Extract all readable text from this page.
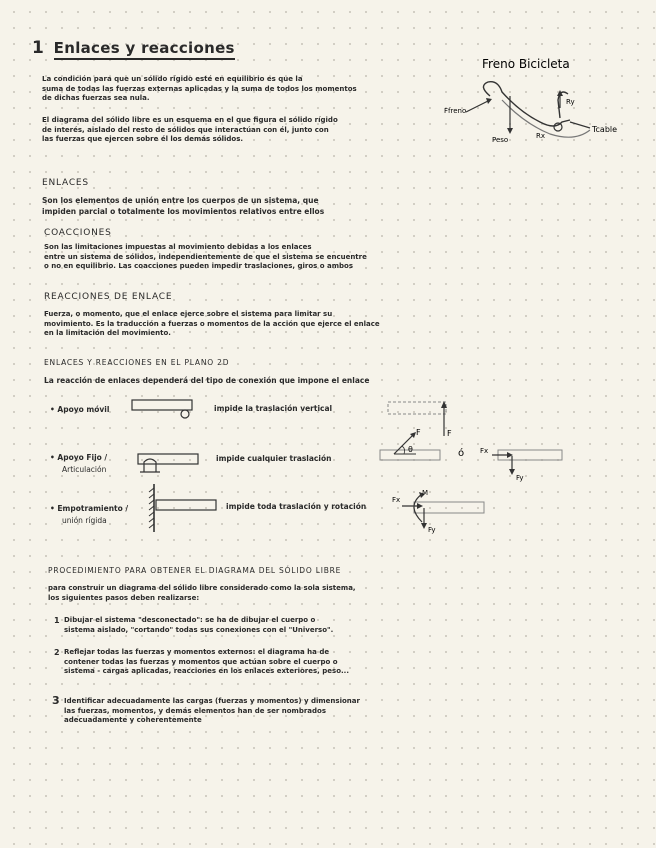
1 Enlaces y reacciones
La condición para que un sólido rígido esté en equilibrio es que la
suma de todas las fuerzas externas aplicadas y la suma de todos los momentos
de dichas fuerzas sea nula.
El diagrama del sólido libre es un esquema en el que figura el sólido rígido
de interés, aislado del resto de sólidos que interactúan con él, junto con
las fuerzas que ejercen sobre él los demás sólidos.
Freno Bicicleta
Ffreno
Peso
Ry
Rx
Tcable
ENLACES
Son los elementos de unión entre los cuerpos de un sistema, que
impiden parcial o totalmente los movimientos relativos entre ellos
COACCIONES
Son las limitaciones impuestas al movimiento debidas a los enlaces
entre un sistema de sólidos, independientemente de que el sistema se encuentre
o no en equilibrio. Las coacciones pueden impedir traslaciones, giros o ambos
REACCIONES DE ENLACE
Fuerza, o momento, que el enlace ejerce sobre el sistema para limitar su
movimiento. Es la traducción a fuerzas o momentos de la acción que ejerce el enlace
en la limitación del movimiento.
ENLACES Y REACCIONES EN EL PLANO 2D
La reacción de enlaces dependerá del tipo de conexión que impone el enlace
• Apoyo móvil	impide la traslación vertical
F
• Apoyo Fijo /
Articulación
impide cualquier traslación
θ
F
ó Fx
Fy
• Empotramiento /
unión rígida
impide toda traslación y rotación
Fx
M
Fy
PROCEDIMIENTO PARA OBTENER EL DIAGRAMA DEL SÓLIDO LIBRE
para construir un diagrama del sólido libre considerado como la sola sistema,
los siguientes pasos deben realizarse:
1 Dibujar el sistema "desconectado": se ha de dibujar el cuerpo o
sistema aislado, "cortando" todas sus conexiones con el "Universo".
2 Reflejar todas las fuerzas y momentos externos: el diagrama ha de
contener todas las fuerzas y momentos que actúan sobre el cuerpo o
sistema - cargas aplicadas, reacciones en los enlaces exteriores, peso...
3 Identificar adecuadamente las cargas (fuerzas y momentos) y dimensionar
las fuerzas, momentos, y demás elementos han de ser nombrados
adecuadamente y coherentemente
